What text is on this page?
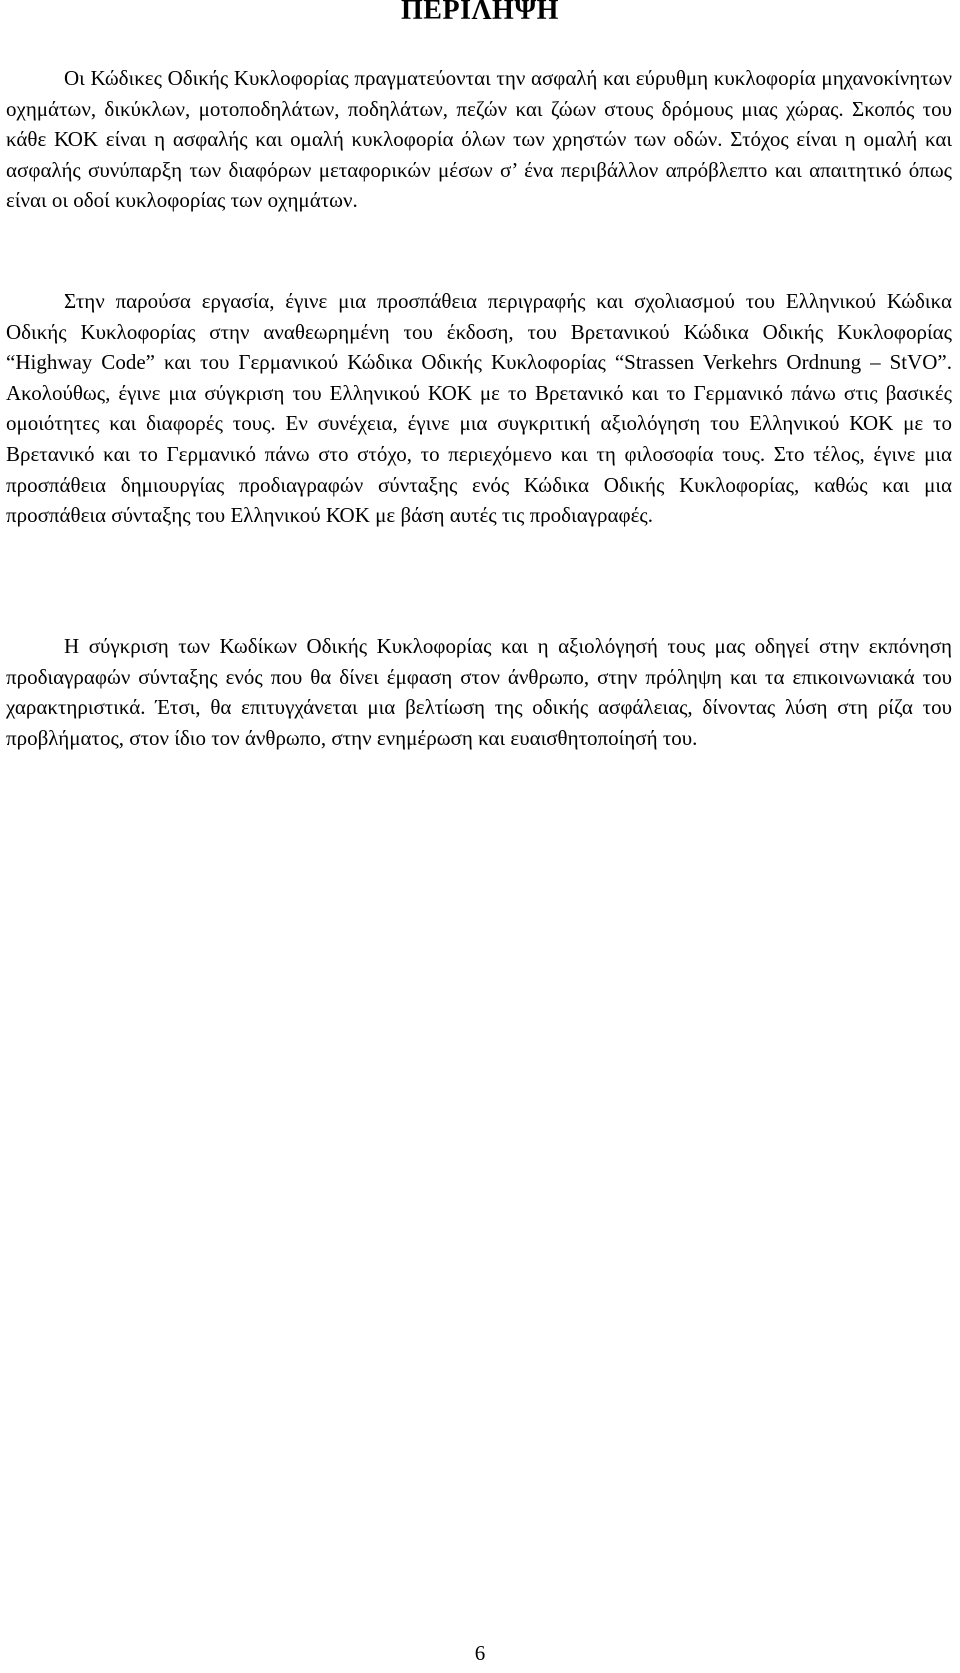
ΠΕΡΙΛΗΨΗ

Οι Κώδικες Οδικής Κυκλοφορίας πραγματεύονται την ασφαλή και εύρυθμη κυκλοφορία μηχανοκίνητων οχημάτων, δικύκλων, μοτοποδηλάτων, ποδηλάτων, πεζών και ζώων στους δρόμους μιας χώρας. Σκοπός του κάθε ΚΟΚ είναι η ασφαλής και ομαλή κυκλοφορία όλων των χρηστών των οδών. Στόχος είναι η ομαλή και ασφαλής συνύπαρξη των διαφόρων μεταφορικών μέσων σ’ ένα περιβάλλον απρόβλεπτο και απαιτητικό όπως είναι οι οδοί κυκλοφορίας των οχημάτων.

Στην παρούσα εργασία, έγινε μια προσπάθεια περιγραφής και σχολιασμού του Ελληνικού Κώδικα Οδικής Κυκλοφορίας στην αναθεωρημένη του έκδοση, του Βρετανικού Κώδικα Οδικής Κυκλοφορίας “Highway Code” και του Γερμανικού Κώδικα Οδικής Κυκλοφορίας “Strassen Verkehrs Ordnung – StVO”. Ακολούθως, έγινε μια σύγκριση του Ελληνικού ΚΟΚ με το Βρετανικό και το Γερμανικό πάνω στις βασικές ομοιότητες και διαφορές τους. Εν συνέχεια, έγινε μια συγκριτική αξιολόγηση του Ελληνικού ΚΟΚ με το Βρετανικό και το Γερμανικό πάνω στο στόχο, το περιεχόμενο και τη φιλοσοφία τους. Στο τέλος, έγινε μια προσπάθεια δημιουργίας προδιαγραφών σύνταξης ενός Κώδικα Οδικής Κυκλοφορίας, καθώς και μια προσπάθεια σύνταξης του Ελληνικού ΚΟΚ με βάση αυτές τις προδιαγραφές.

Η σύγκριση των Κωδίκων Οδικής Κυκλοφορίας και η αξιολόγησή τους μας οδηγεί στην εκπόνηση προδιαγραφών σύνταξης ενός που θα δίνει έμφαση στον άνθρωπο, στην πρόληψη και τα επικοινωνιακά του χαρακτηριστικά. Έτσι, θα επιτυγχάνεται μια βελτίωση της οδικής ασφάλειας, δίνοντας λύση στη ρίζα του προβλήματος, στον ίδιο τον άνθρωπο, στην ενημέρωση και ευαισθητοποίησή του.

6
